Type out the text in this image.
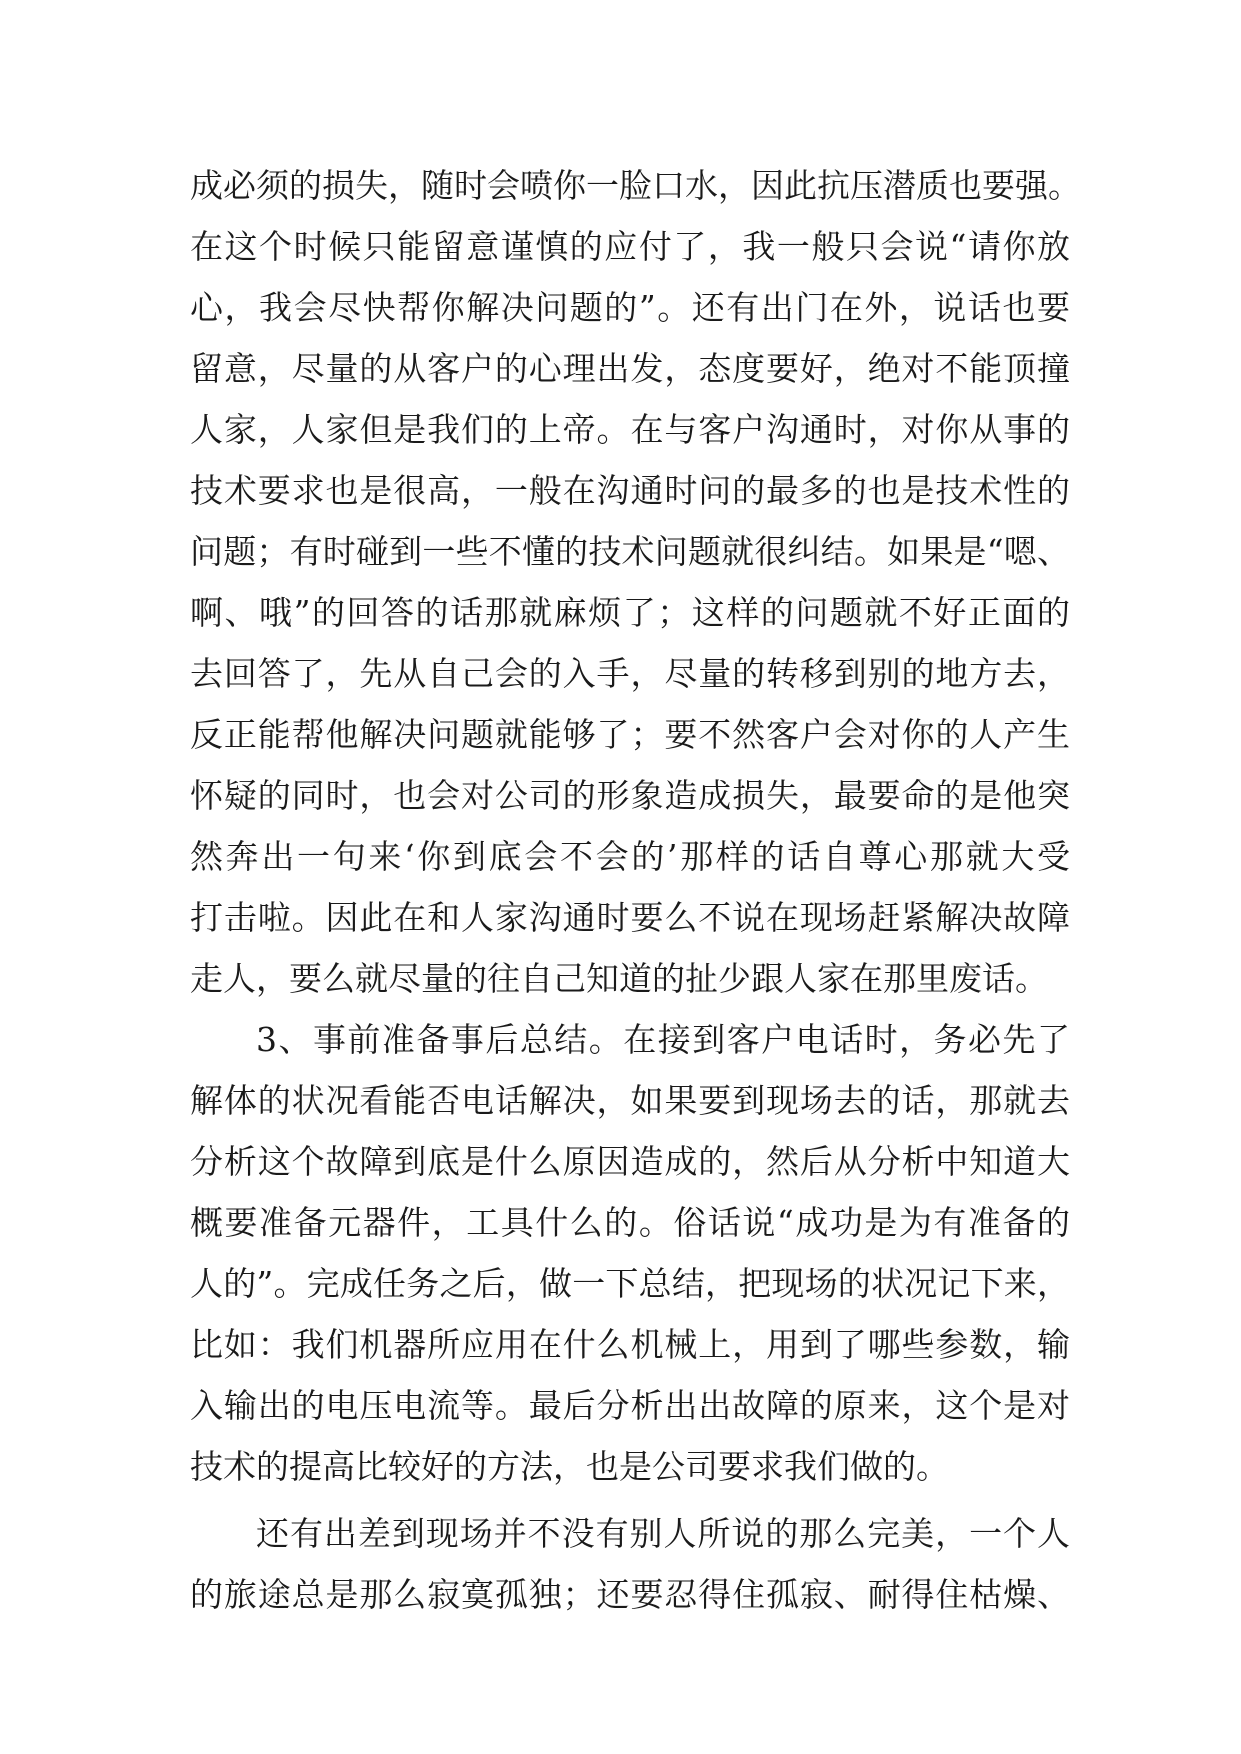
成必须的损失，随时会喷你一脸口水，因此抗压潜质也要强。
在这个时候只能留意谨慎的应付了，我一般只会说“请你放
心，我会尽快帮你解决问题的”。还有出门在外，说话也要
留意，尽量的从客户的心理出发，态度要好，绝对不能顶撞
人家，人家但是我们的上帝。在与客户沟通时，对你从事的
技术要求也是很高，一般在沟通时问的最多的也是技术性的
问题；有时碰到一些不懂的技术问题就很纠结。如果是“嗯、
啊、哦”的回答的话那就麻烦了；这样的问题就不好正面的
去回答了，先从自己会的入手，尽量的转移到别的地方去，
反正能帮他解决问题就能够了；要不然客户会对你的人产生
怀疑的同时，也会对公司的形象造成损失，最要命的是他突
然奔出一句来‘你到底会不会的’那样的话自尊心那就大受
打击啦。因此在和人家沟通时要么不说在现场赶紧解决故障
走人，要么就尽量的往自己知道的扯少跟人家在那里废话。
3、事前准备事后总结。在接到客户电话时，务必先了
解体的状况看能否电话解决，如果要到现场去的话，那就去
分析这个故障到底是什么原因造成的，然后从分析中知道大
概要准备元器件，工具什么的。俗话说“成功是为有准备的
人的”。完成任务之后，做一下总结，把现场的状况记下来，
比如：我们机器所应用在什么机械上，用到了哪些参数，输
入输出的电压电流等。最后分析出出故障的原来，这个是对
技术的提高比较好的方法，也是公司要求我们做的。
还有出差到现场并不没有别人所说的那么完美，一个人
的旅途总是那么寂寞孤独；还要忍得住孤寂、耐得住枯燥、
